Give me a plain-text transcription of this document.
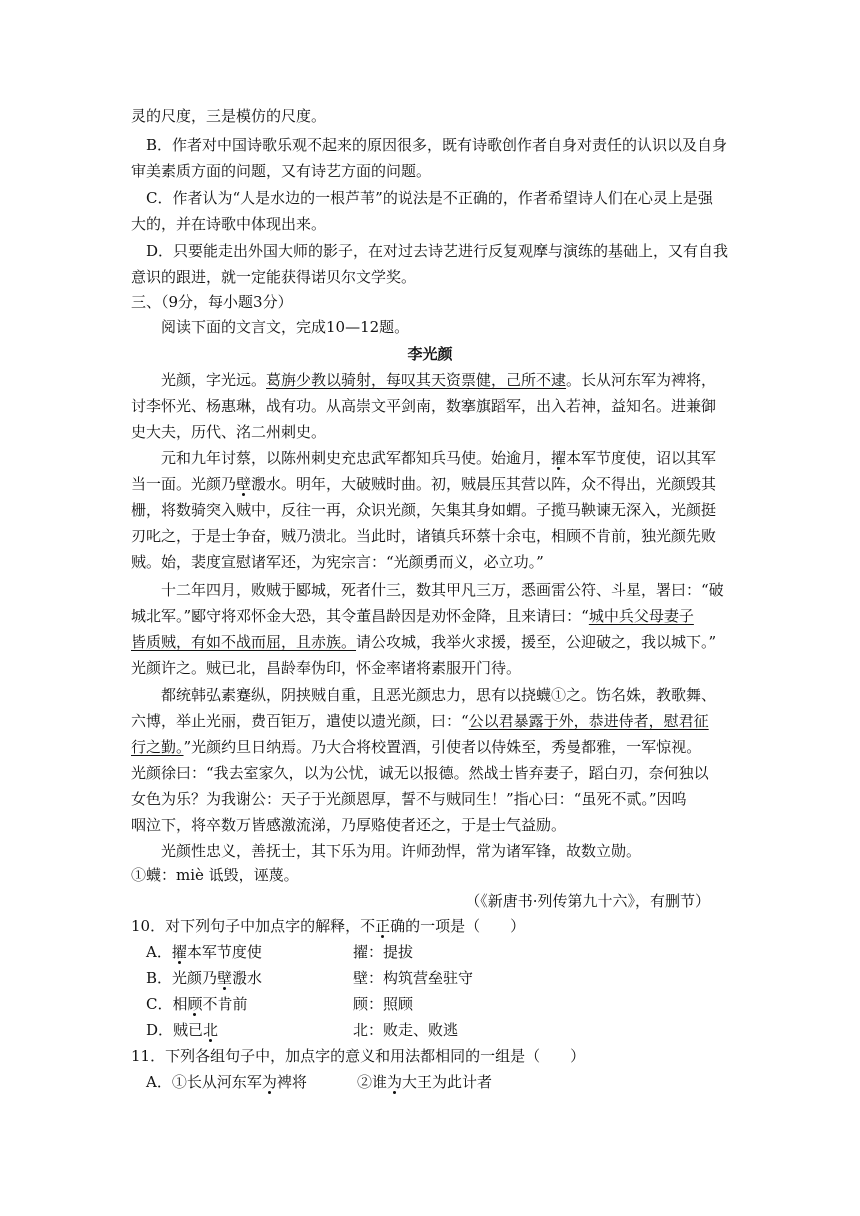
灵的尺度，三是模仿的尺度。
B．作者对中国诗歌乐观不起来的原因很多，既有诗歌创作者自身对责任的认识以及自身
审美素质方面的问题，又有诗艺方面的问题。
C．作者认为“人是水边的一根芦苇”的说法是不正确的，作者希望诗人们在心灵上是强
大的，并在诗歌中体现出来。
D．只要能走出外国大师的影子，在对过去诗艺进行反复观摩与演练的基础上，又有自我
意识的跟进，就一定能获得诺贝尔文学奖。
三、（9分，每小题3分）
阅读下面的文言文，完成10—12题。
李光颜
光颜，字光远。葛旃少教以骑射，每叹其天资票健，己所不逮。长从河东军为裨将，
讨李怀光、杨惠琳，战有功。从高崇文平剑南，数搴旗蹈军，出入若神，益知名。进兼御
史大夫，历代、洺二州刺史。
元和九年讨蔡，以陈州刺史充忠武军都知兵马使。始逾月，擢本军节度使，诏以其军
当一面。光颜乃壁溵水。明年，大破贼时曲。初，贼晨压其营以阵，众不得出，光颜毁其
栅，将数骑突入贼中，反往一再，众识光颜，矢集其身如蝟。子揽马鞅谏无深入，光颜挺
刃叱之，于是士争奋，贼乃溃北。当此时，诸镇兵环蔡十余屯，相顾不肯前，独光颜先败
贼。始，裴度宣慰诸军还，为宪宗言：“光颜勇而义，必立功。”
十二年四月，败贼于郾城，死者什三，数其甲凡三万，悉画雷公符、斗星，署曰：“破
城北军。”郾守将邓怀金大恐，其令董昌龄因是劝怀金降，且来请曰：“城中兵父母妻子
皆质贼，有如不战而屈，且赤族。请公攻城，我举火求援，援至，公迎破之，我以城下。”
光颜许之。贼已北，昌龄奉伪印，怀金率诸将素服开门待。
都统韩弘素蹇纵，阴挟贼自重，且恶光颜忠力，思有以挠蠛①之。饬名姝，教歌舞、
六博，举止光丽，费百钜万，遣使以遗光颜，曰：“公以君暴露于外，恭进侍者，慰君征
行之勤。”光颜约旦日纳焉。乃大合将校置酒，引使者以侍姝至，秀曼都雅，一军惊视。
光颜徐曰：“我去室家久，以为公忧，诚无以报德。然战士皆弃妻子，蹈白刃，奈何独以
女色为乐？为我谢公：天子于光颜恩厚，誓不与贼同生！”指心曰：“虽死不贰。”因呜
咽泣下，将卒数万皆感激流涕，乃厚赂使者还之，于是士气益励。
光颜性忠义，善抚士，其下乐为用。许师劲悍，常为诸军锋，故数立勋。
①蠛：miè 诋毁，诬蔑。
（《新唐书·列传第九十六》，有删节）
10．对下列句子中加点字的解释，不正确的一项是（　　）
A．擢本军节度使	擢：提拔
B．光颜乃壁溵水	壁：构筑营垒驻守
C．相顾不肯前	顾：照顾
D．贼已北	北：败走、败逃
11．下列各组句子中，加点字的意义和用法都相同的一组是（　　）
A．①长从河东军为裨将	②谁为大王为此计者
